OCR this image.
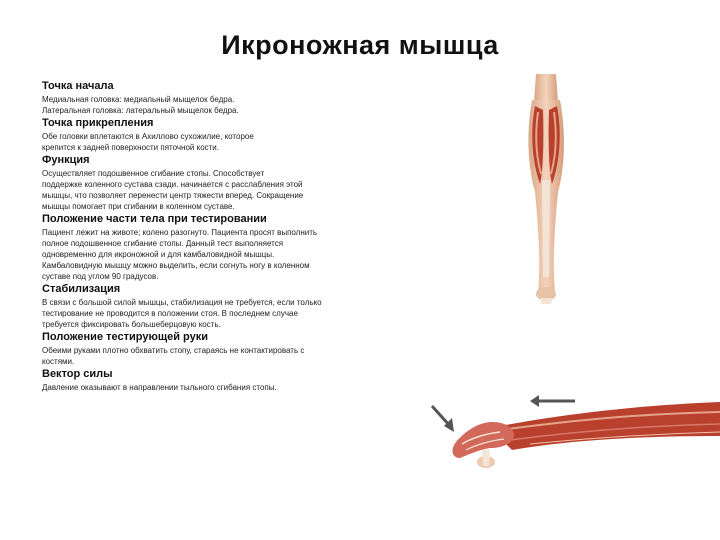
Икроножная мышца
Точка начала
Медиальная головка: медиальный мыщелок бедра.
Латеральная головка: латеральный мыщелок бедра.
Точка прикрепления
Обе головки вплетаются в Ахиллово сухожилие, которое
крепится к задней поверхности пяточной кости.
Функция
Осуществляет подошвенное сгибание стопы. Способствует
поддержке коленного сустава сзади. начинается с расслабления этой
мышцы, что позволяет перенести центр тяжести вперед. Сокращение
мышцы помогает при сгибании в коленном суставе.
Положение части тела при тестировании
Пациент лежит на животе; колено разогнуто. Пациента просят выполнить
полное подошвенное сгибание стопы. Данный тест выполняется
одновременно для икроножной и для камбаловидной мышцы.
Камбаловидную мышцу можно выделить, если согнуть ногу в коленном
суставе под углом 90 градусов.
Стабилизация
В связи с большой силой мышцы, стабилизация не требуется, если только
тестирование не проводится в положении стоя. В последнем случае
требуется фиксировать большеберцовую кость.
Положение тестирующей руки
Обеими руками плотно обхватить стопу, стараясь не контактировать с
костями.
Вектор силы
Давление оказывают в направлении тыльного сгибания стопы.
